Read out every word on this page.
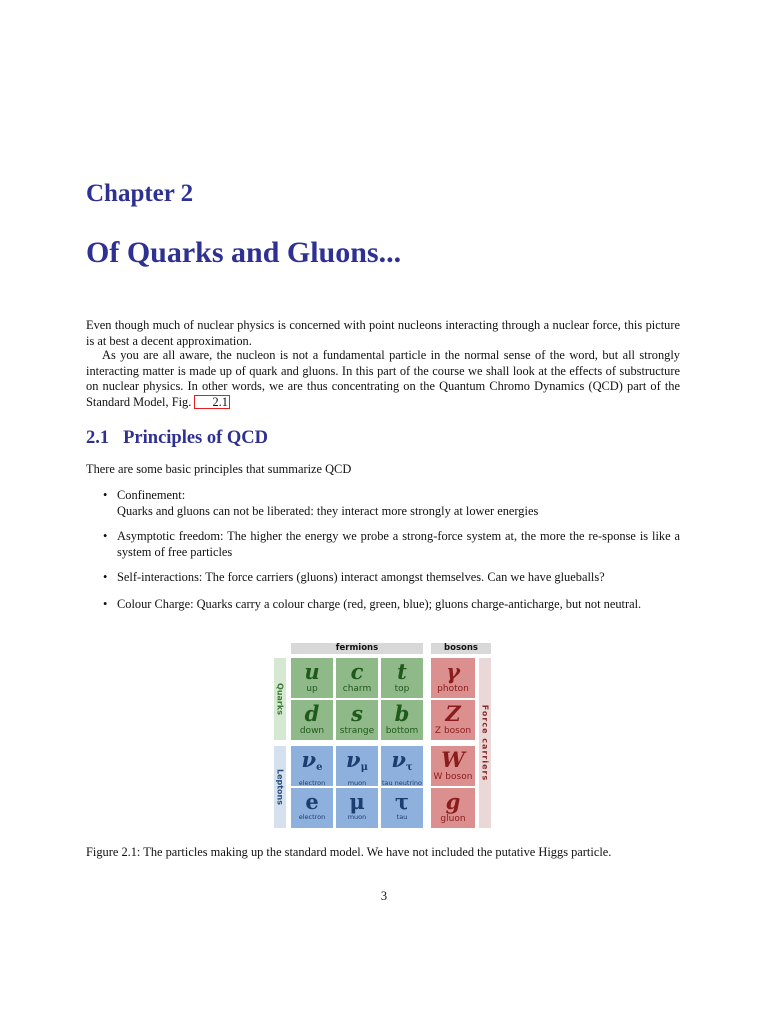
Chapter 2
Of Quarks and Gluons...
Even though much of nuclear physics is concerned with point nucleons interacting through a nuclear force, this picture is at best a decent approximation.
As you are all aware, the nucleon is not a fundamental particle in the normal sense of the word, but all strongly interacting matter is made up of quark and gluons. In this part of the course we shall look at the effects of substructure on nuclear physics. In other words, we are thus concentrating on the Quantum Chromo Dynamics (QCD) part of the Standard Model, Fig. 2.1
2.1 Principles of QCD
There are some basic principles that summarize QCD
• Confinement:
Quarks and gluons can not be liberated: they interact more strongly at lower energies
• Asymptotic freedom: The higher the energy we probe a strong-force system at, the more the re-sponse is like a system of free particles
• Self-interactions: The force carriers (gluons) interact amongst themselves. Can we have glueballs?
• Colour Charge: Quarks carry a colour charge (red, green, blue); gluons charge-anticharge, but not neutral.
fermions	bosons
Quarks
Leptons
Force carriers
u
up
c
charm
t
top
d
down
s
strange
b
bottom
$\nu_e$
electron
$\nu_\mu$
muon
$\nu_\tau$
tau neutrino
e
electron
μ
muon
τ
tau
γ
photon
Z
Z boson
W
W boson
g
gluon
Figure 2.1: The particles making up the standard model. We have not included the putative Higgs particle.
3
